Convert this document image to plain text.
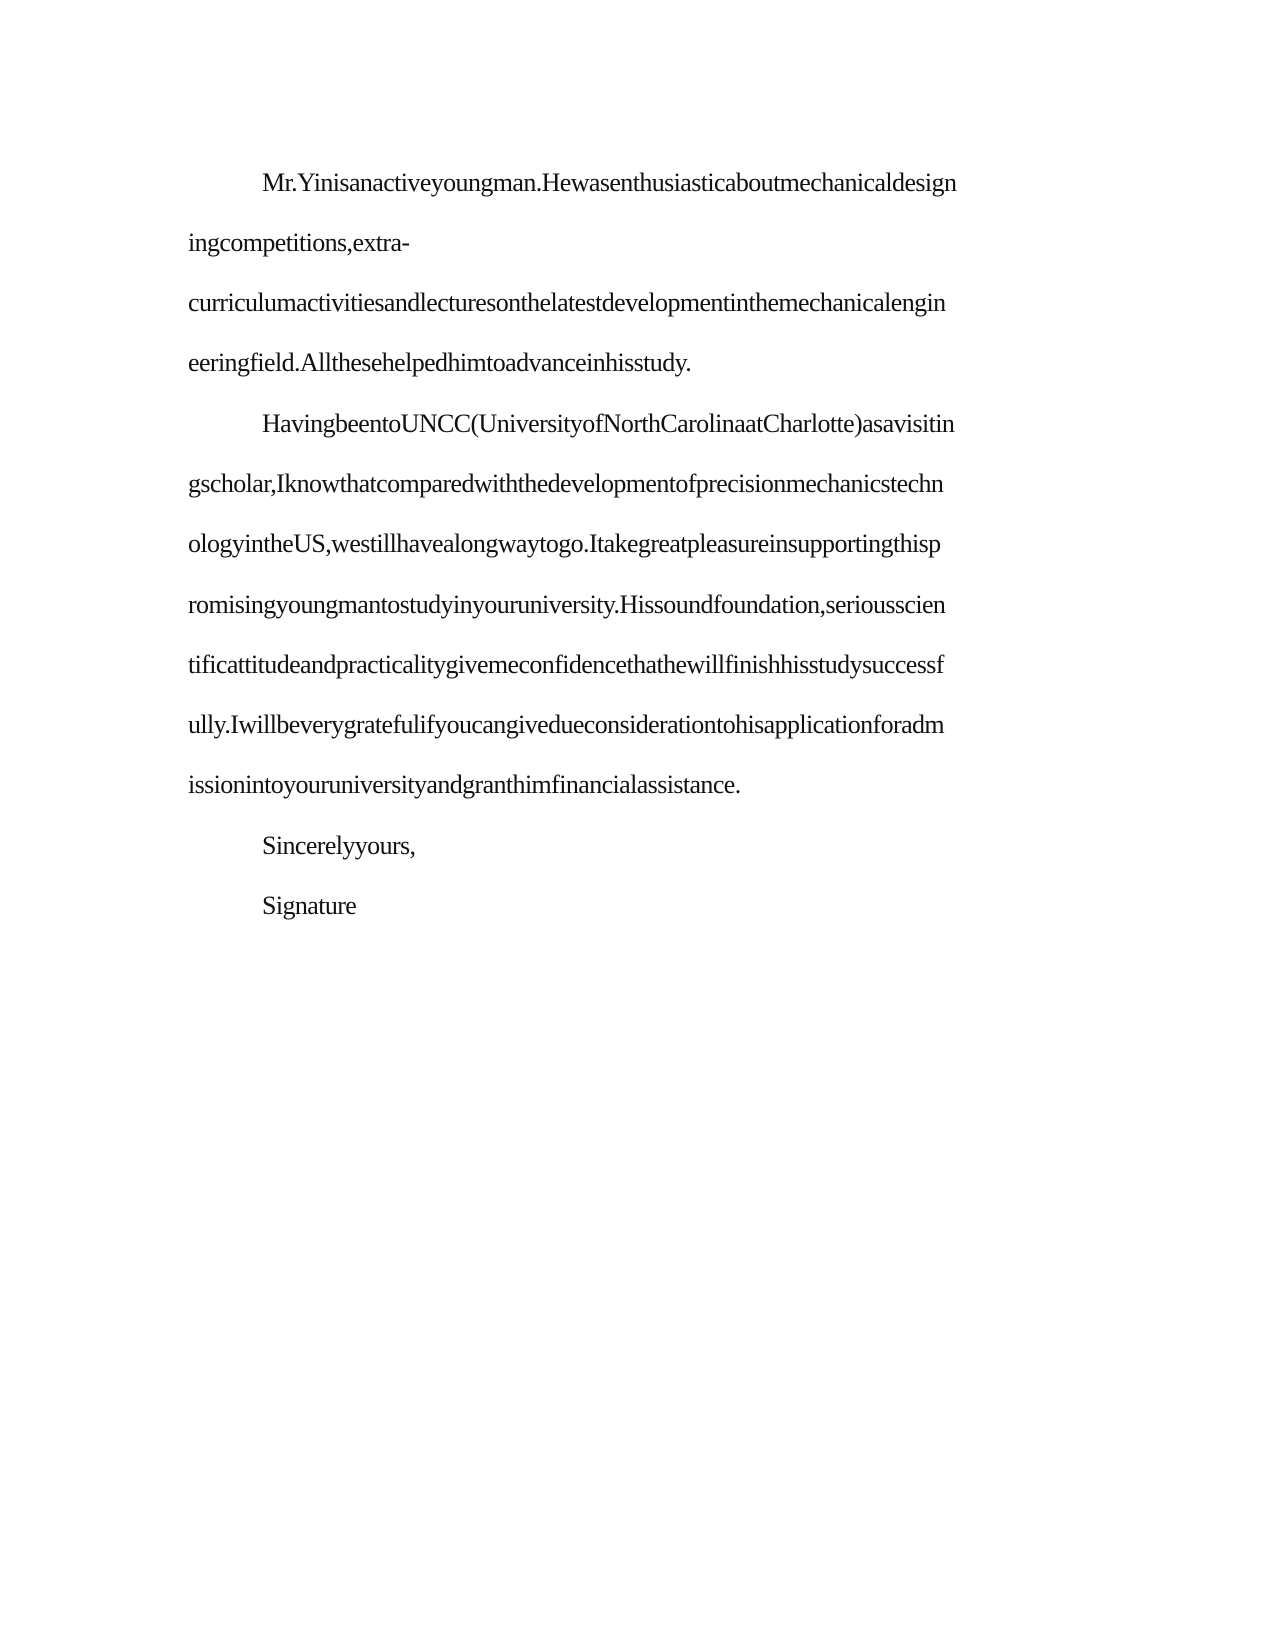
Mr.Yinisanactiveyoungman.Hewasenthusiasticaboutmechanicaldesign
ingcompetitions,extra-
curriculumactivitiesandlecturesonthelatestdevelopmentinthemechanicalengin
eeringfield.Allthesehelpedhimtoadvanceinhisstudy.
HavingbeentoUNCC(UniversityofNorthCarolinaatCharlotte)asavisitin
gscholar,Iknowthatcomparedwiththedevelopmentofprecisionmechanicstechn
ologyintheUS,westillhavealongwaytogo.Itakegreatpleasureinsupportingthisp
romisingyoungmantostudyinyouruniversity.Hissoundfoundation,seriousscien
tificattitudeandpracticalitygivemeconfidencethathewillfinishhisstudysuccessf
ully.Iwillbeverygratefulifyoucangivedueconsiderationtohisapplicationforadm
issionintoyouruniversityandgranthimfinancialassistance.
Sincerelyyours,
Signature
